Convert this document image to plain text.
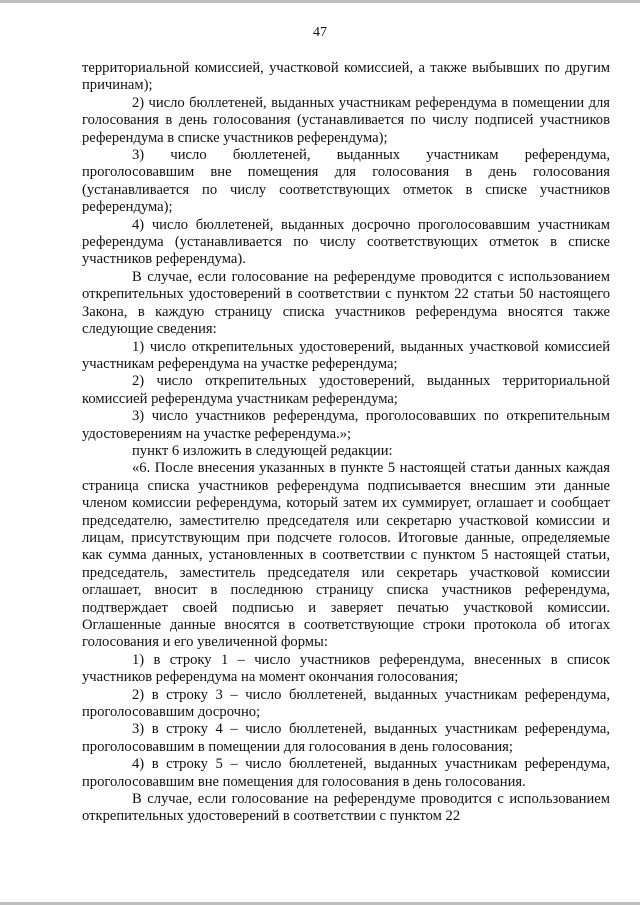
47

территориальной комиссией, участковой комиссией, а также выбывших по другим причинам);

2) число бюллетеней, выданных участникам референдума в помещении для голосования в день голосования (устанавливается по числу подписей участников референдума в списке участников референдума);

3) число бюллетеней, выданных участникам референдума, проголосовавшим вне помещения для голосования в день голосования (устанавливается по числу соответствующих отметок в списке участников референдума);

4) число бюллетеней, выданных досрочно проголосовавшим участникам референдума (устанавливается по числу соответствующих отметок в списке участников референдума).

В случае, если голосование на референдуме проводится с использованием открепительных удостоверений в соответствии с пунктом 22 статьи 50 настоящего Закона, в каждую страницу списка участников референдума вносятся также следующие сведения:

1) число открепительных удостоверений, выданных участковой комиссией участникам референдума на участке референдума;

2) число открепительных удостоверений, выданных территориальной комиссией референдума участникам референдума;

3) число участников референдума, проголосовавших по открепительным удостоверениям на участке референдума.»;

пункт 6 изложить в следующей редакции:

«6. После внесения указанных в пункте 5 настоящей статьи данных каждая страница списка участников референдума подписывается внесшим эти данные членом комиссии референдума, который затем их суммирует, оглашает и сообщает председателю, заместителю председателя или секретарю участковой комиссии и лицам, присутствующим при подсчете голосов. Итоговые данные, определяемые как сумма данных, установленных в соответствии с пунктом 5 настоящей статьи, председатель, заместитель председателя или секретарь участковой комиссии оглашает, вносит в последнюю страницу списка участников референдума, подтверждает своей подписью и заверяет печатью участковой комиссии. Оглашенные данные вносятся в соответствующие строки протокола об итогах голосования и его увеличенной формы:

1) в строку 1 – число участников референдума, внесенных в список участников референдума на момент окончания голосования;

2) в строку 3 – число бюллетеней, выданных участникам референдума, проголосовавшим досрочно;

3) в строку 4 – число бюллетеней, выданных участникам референдума, проголосовавшим в помещении для голосования в день голосования;

4) в строку 5 – число бюллетеней, выданных участникам референдума, проголосовавшим вне помещения для голосования в день голосования.

В случае, если голосование на референдуме проводится с использованием открепительных удостоверений в соответствии с пунктом 22
